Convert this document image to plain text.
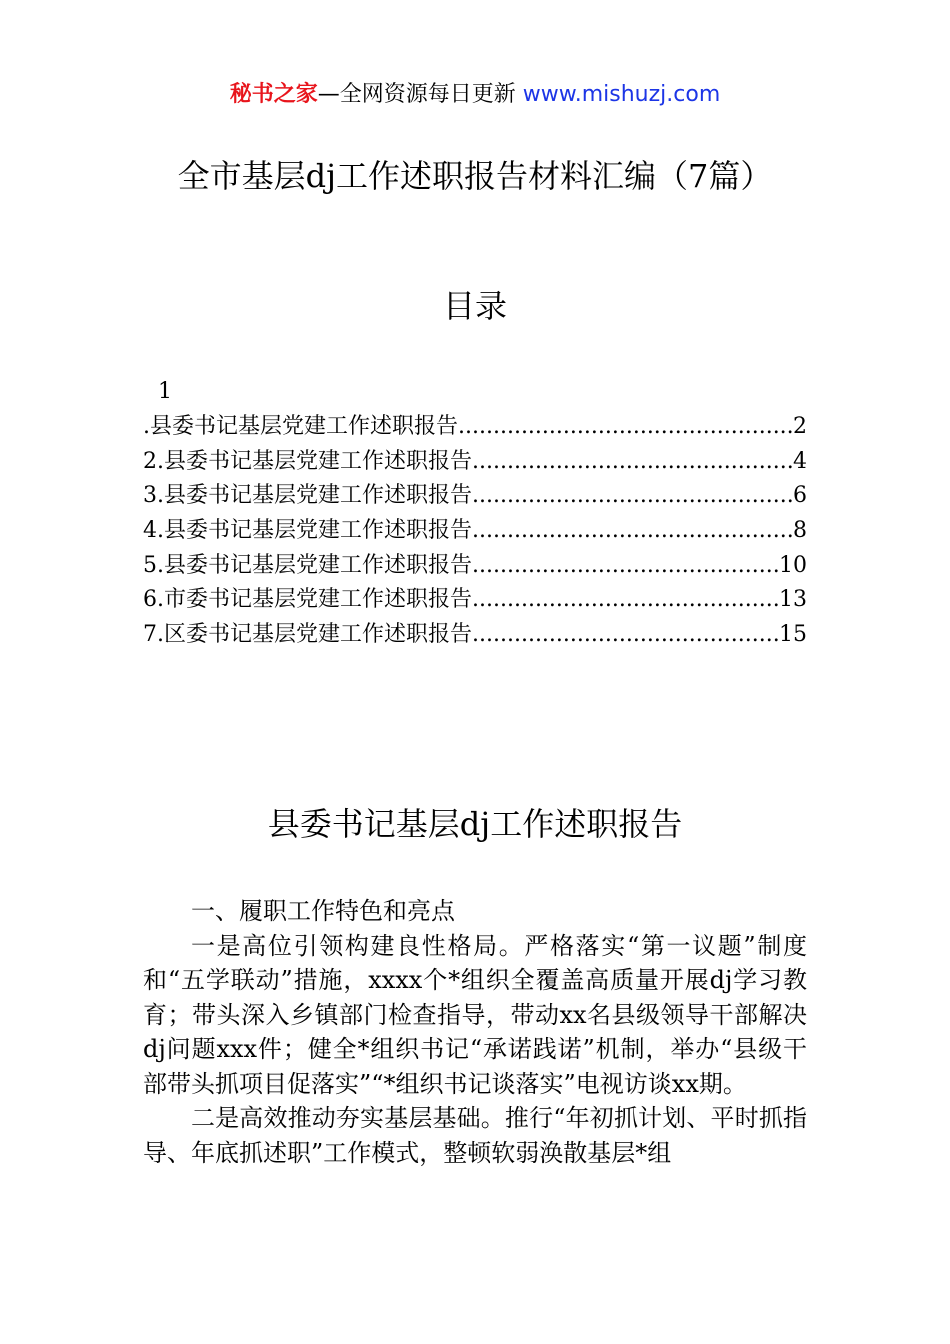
秘书之家—全网资源每日更新 www.mishuzj.com
全市基层dj工作述职报告材料汇编（7篇）
目录
1
.县委书记基层党建工作述职报告 .....	2
2.县委书记基层党建工作述职报告 .....	4
3.县委书记基层党建工作述职报告 .....	6
4.县委书记基层党建工作述职报告 .....	8
5.县委书记基层党建工作述职报告 .....	10
6.市委书记基层党建工作述职报告 .....	13
7.区委书记基层党建工作述职报告 .....	15
县委书记基层dj工作述职报告

一、履职工作特色和亮点

一是高位引领构建良性格局。严格落实“第一议题”制度和“五学联动”措施，xxxx个*组织全覆盖高质量开展dj学习教育；带头深入乡镇部门检查指导，带动xx名县级领导干部解决dj问题xxx件；健全*组织书记“承诺践诺”机制，举办“县级干部带头抓项目促落实”“*组织书记谈落实”电视访谈xx期。

二是高效推动夯实基层基础。推行“年初抓计划、平时抓指导、年底抓述职”工作模式，整顿软弱涣散基层*组
